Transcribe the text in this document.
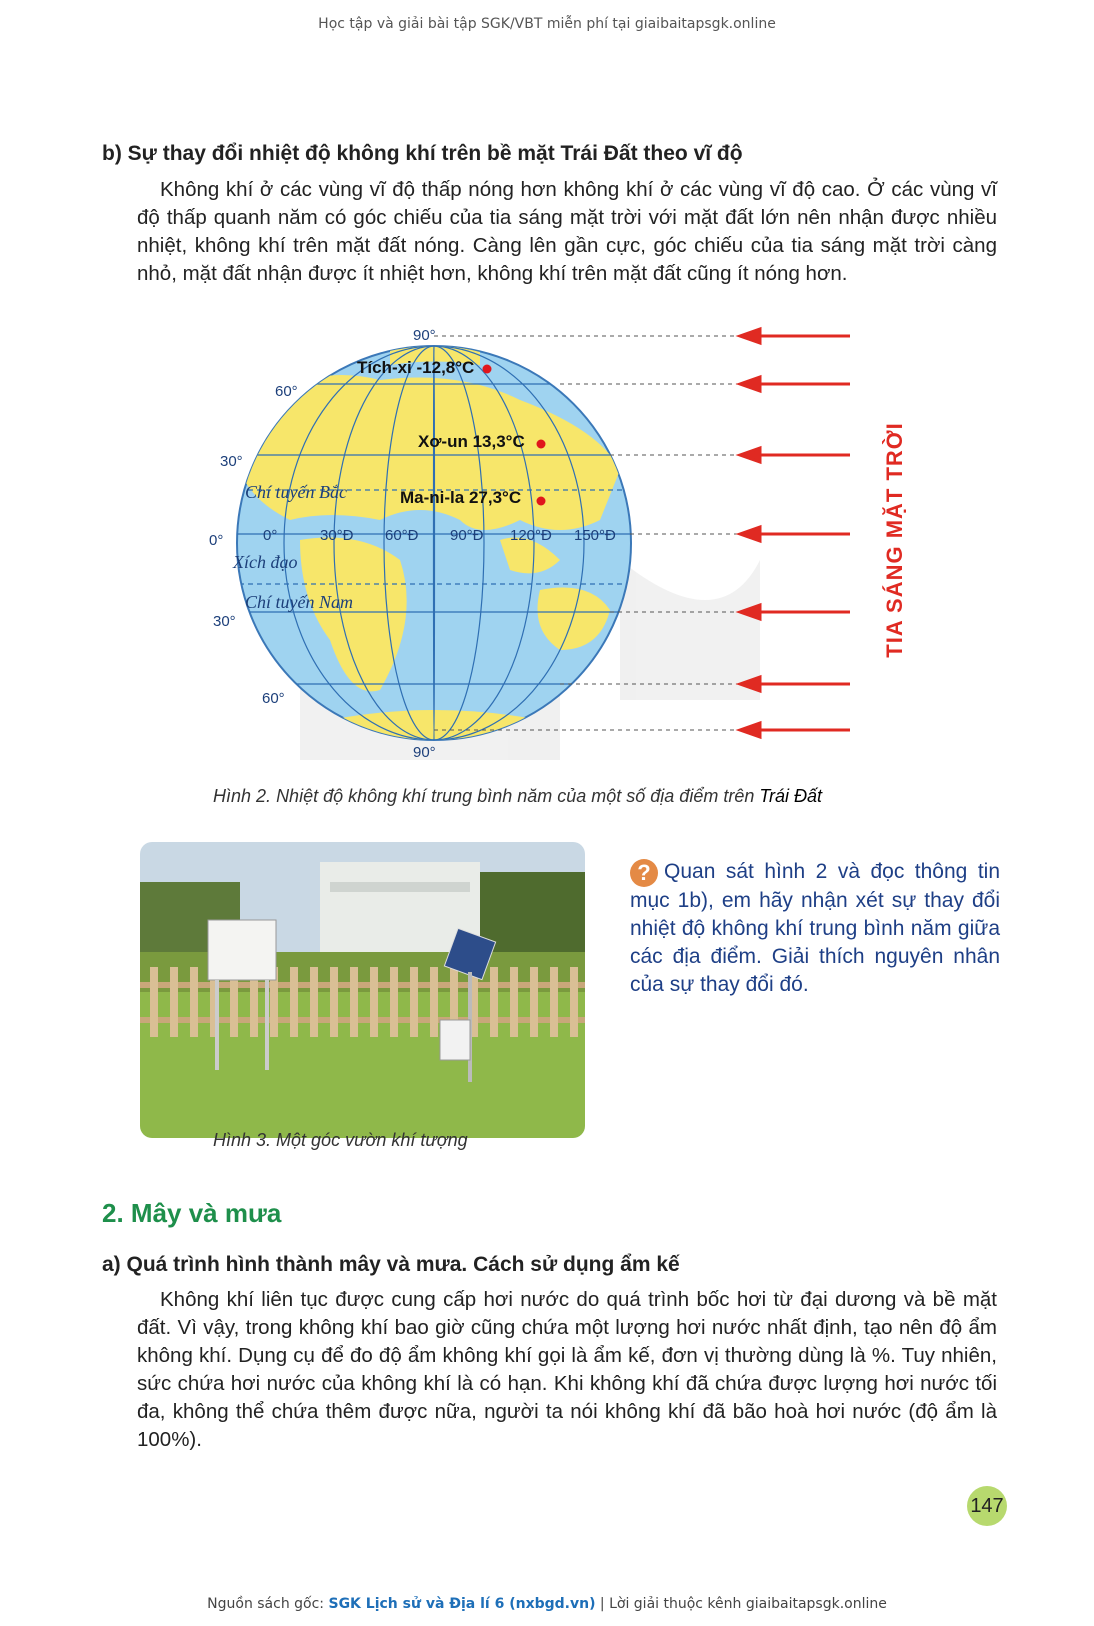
Học tập và giải bài tập SGK/VBT miễn phí tại giaibaitapsgk.online
b) Sự thay đổi nhiệt độ không khí trên bề mặt Trái Đất theo vĩ độ
Không khí ở các vùng vĩ độ thấp nóng hơn không khí ở các vùng vĩ độ cao. Ở các vùng vĩ độ thấp quanh năm có góc chiếu của tia sáng mặt trời với mặt đất lớn nên nhận được nhiều nhiệt, không khí trên mặt đất nóng. Càng lên gần cực, góc chiếu của tia sáng mặt trời càng nhỏ, mặt đất nhận được ít nhiệt hơn, không khí trên mặt đất cũng ít nóng hơn.
90°
60°
30°
0°
30°
60°
90°
0°	30°Đ 60°Đ 90°Đ 120°Đ 150°Đ
Chí tuyến Bắc
Xích đạo
Chí tuyến Nam
Tích-xi -12,8°C
Xơ-un 13,3°C
Ma-ni-la 27,3°C	TIA SÁNG MẶT TRỜI
Hình 2. Nhiệt độ không khí trung bình năm của một số địa điểm trên Trái Đất
Hình 3. Một góc vườn khí tượng
? Quan sát hình 2 và đọc thông tin mục 1b), em hãy nhận xét sự thay đổi nhiệt độ không khí trung bình năm giữa các địa điểm. Giải thích nguyên nhân của sự thay đổi đó.
2. Mây và mưa
a) Quá trình hình thành mây và mưa. Cách sử dụng ẩm kế
Không khí liên tục được cung cấp hơi nước do quá trình bốc hơi từ đại dương và bề mặt đất. Vì vậy, trong không khí bao giờ cũng chứa một lượng hơi nước nhất định, tạo nên độ ẩm không khí. Dụng cụ để đo độ ẩm không khí gọi là ẩm kế, đơn vị thường dùng là %. Tuy nhiên, sức chứa hơi nước của không khí là có hạn. Khi không khí đã chứa được lượng hơi nước tối đa, không thể chứa thêm được nữa, người ta nói không khí đã bão hoà hơi nước (độ ẩm là 100%).
147
Nguồn sách gốc: SGK Lịch sử và Địa lí 6 (nxbgd.vn) | Lời giải thuộc kênh giaibaitapsgk.online
